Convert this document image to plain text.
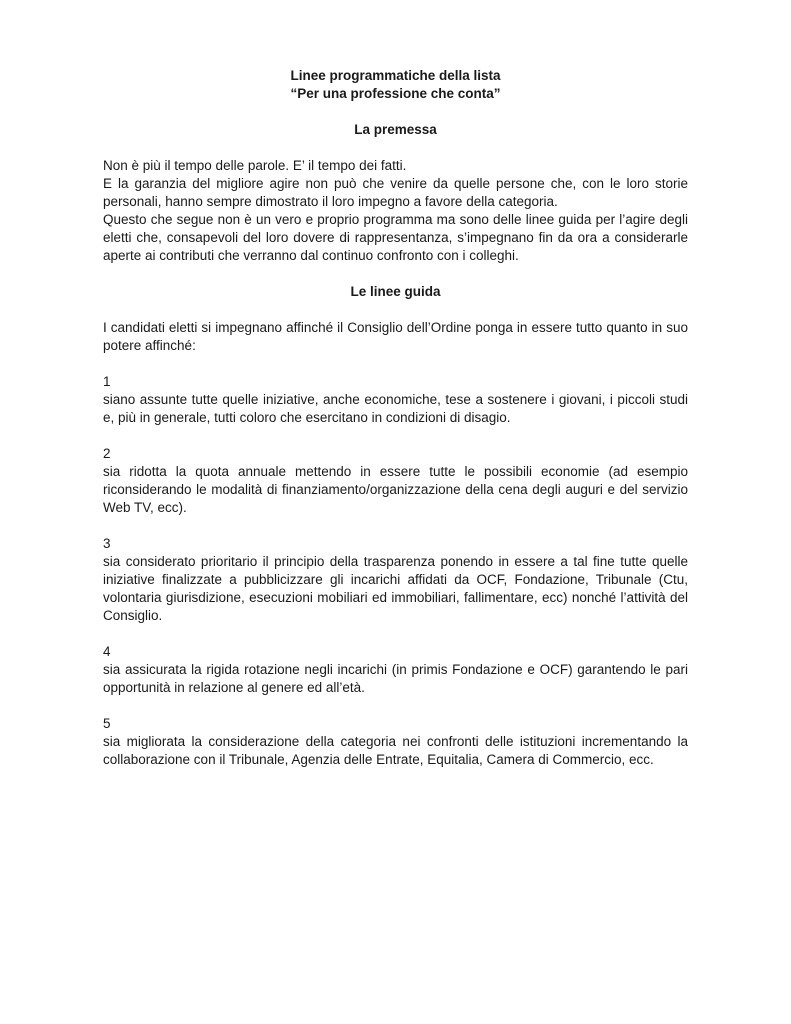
Linee programmatiche della lista

“Per una professione che conta”

La premessa

Non è più il tempo delle parole. E’ il tempo dei fatti.

E la garanzia del migliore agire non può che venire da quelle persone che, con le loro storie personali, hanno sempre dimostrato il loro impegno a favore della categoria.

Questo che segue non è un vero e proprio programma ma sono delle linee guida per l’agire degli eletti che, consapevoli del loro dovere di rappresentanza, s’impegnano fin da ora a considerarle aperte ai contributi che verranno dal continuo confronto con i colleghi.

Le linee guida

I candidati eletti si impegnano affinché il Consiglio dell’Ordine ponga in essere tutto quanto in suo potere affinché:

1

siano assunte tutte quelle iniziative, anche economiche, tese a sostenere i giovani, i piccoli studi e, più in generale, tutti coloro che esercitano in condizioni di disagio.

2

sia ridotta la quota annuale mettendo in essere tutte le possibili economie (ad esempio riconsiderando le modalità di finanziamento/organizzazione della cena degli auguri e del servizio Web TV, ecc).

3

sia considerato prioritario il principio della trasparenza ponendo in essere a tal fine tutte quelle iniziative finalizzate a pubblicizzare gli incarichi affidati da OCF, Fondazione, Tribunale (Ctu, volontaria giurisdizione, esecuzioni mobiliari ed immobiliari, fallimentare, ecc) nonché l’attività del Consiglio.

4

sia assicurata la rigida rotazione negli incarichi (in primis Fondazione e OCF) garantendo le pari opportunità in relazione al genere ed all’età.

5

sia migliorata la considerazione della categoria nei confronti delle istituzioni incrementando la collaborazione con il Tribunale, Agenzia delle Entrate, Equitalia, Camera di Commercio, ecc.
